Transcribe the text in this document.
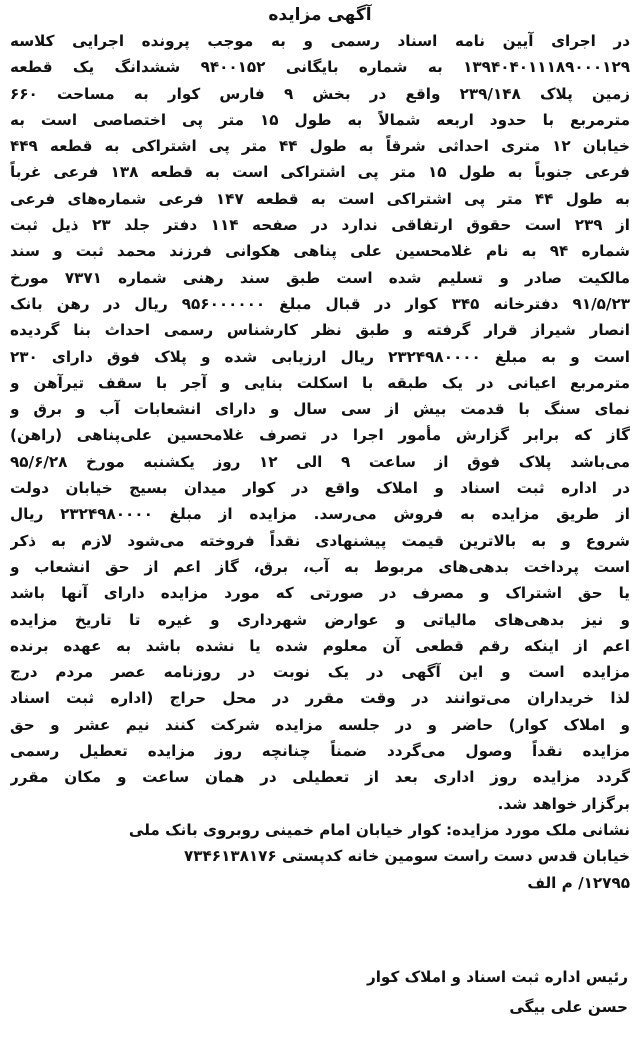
آگهی مزایده
در اجرای آیین نامه اسناد رسمی و به موجب پرونده اجرایی کلاسه
۱۳۹۴۰۴۰۱۱۱۸۹۰۰۰۱۲۹ به شماره بایگانی ۹۴۰۰۱۵۲ ششدانگ یک قطعه
زمین پلاک ۲۳۹/۱۴۸ واقع در بخش ۹ فارس کوار به مساحت ۶۶۰
مترمربع با حدود اربعه شمالاً به طول ۱۵ متر پی اختصاصی است به
خیابان ۱۲ متری احداثی شرقاً به طول ۴۴ متر پی اشتراکی به قطعه ۴۴۹
فرعی جنوباً به طول ۱۵ متر پی اشتراکی است به قطعه ۱۳۸ فرعی غرباً
به طول ۴۴ متر پی اشتراکی است به قطعه ۱۴۷ فرعی شماره‌های فرعی
از ۲۳۹ است حقوق ارتفاقی ندارد در صفحه ۱۱۴ دفتر جلد ۲۳ ذیل ثبت
شماره ۹۴ به نام غلامحسین علی پناهی هکوانی فرزند محمد ثبت و سند
مالکیت صادر و تسلیم شده است طبق سند رهنی شماره ۷۳۷۱ مورخ
۹۱/۵/۲۳ دفترخانه ۳۴۵ کوار در قبال مبلغ ۹۵۶۰۰۰۰۰۰ ریال در رهن بانک
انصار شیراز قرار گرفته و طبق نظر کارشناس رسمی احداث بنا گردیده
است و به مبلغ ۲۳۲۴۹۸۰۰۰۰ ریال ارزیابی شده و پلاک فوق دارای ۲۳۰
مترمربع اعیانی در یک طبقه با اسکلت بنایی و آجر با سقف تیرآهن و
نمای سنگ با قدمت بیش از سی سال و دارای انشعابات آب و برق و
گاز که برابر گزارش مأمور اجرا در تصرف غلامحسین علی‌پناهی (راهن)
می‌باشد پلاک فوق از ساعت ۹ الی ۱۲ روز یکشنبه مورخ ۹۵/۶/۲۸
در اداره ثبت اسناد و املاک واقع در کوار میدان بسیج خیابان دولت
از طریق مزایده به فروش می‌رسد. مزایده از مبلغ ۲۳۲۴۹۸۰۰۰۰ ریال
شروع و به بالاترین قیمت پیشنهادی نقداً فروخته می‌شود لازم به ذکر
است پرداخت بدهی‌های مربوط به آب، برق، گاز اعم از حق انشعاب و
یا حق اشتراک و مصرف در صورتی که مورد مزایده دارای آنها باشد
و نیز بدهی‌های مالیاتی و عوارض شهرداری و غیره تا تاریخ مزایده
اعم از اینکه رقم قطعی آن معلوم شده یا نشده باشد به عهده برنده
مزایده است و این آگهی در یک نوبت در روزنامه عصر مردم درج
لذا خریداران می‌توانند در وقت مقرر در محل حراج (اداره ثبت اسناد
و املاک کوار) حاضر و در جلسه مزایده شرکت کنند نیم عشر و حق
مزایده نقداً وصول می‌گردد ضمناً چنانچه روز مزایده تعطیل رسمی
گردد مزایده روز اداری بعد از تعطیلی در همان ساعت و مکان مقرر
برگزار خواهد شد.
نشانی ملک مورد مزایده: کوار خیابان امام خمینی روبروی بانک ملی
خیابان قدس دست راست سومین خانه کدپستی ۷۳۴۶۱۳۸۱۷۶
۱۲۷۹۵/ م الف
رئیس اداره ثبت اسناد و املاک کوار
حسن علی بیگی
